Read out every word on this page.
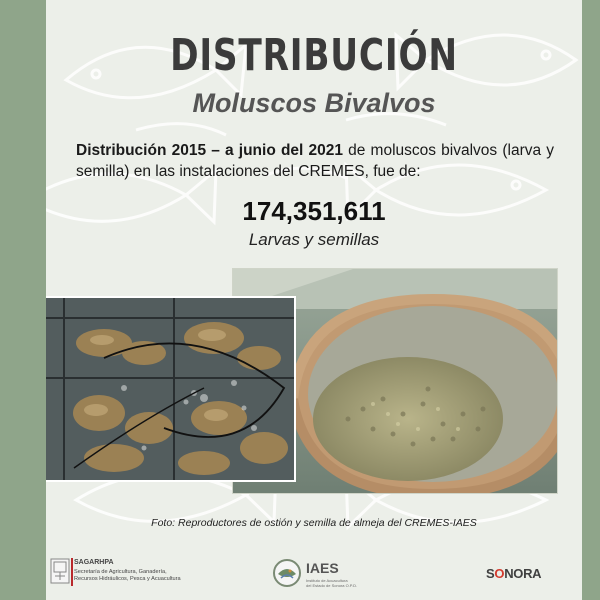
DISTRIBUCIÓN
Moluscos Bivalvos

Distribución 2015 – a junio del 2021 de moluscos bivalvos (larva y semilla) en las instalaciones del CREMES, fue de:

174,351,611
Larvas y semillas
Foto: Reproductores de ostión y semilla de almeja del CREMES-IAES
SAGARHPA
Secretaría de Agricultura, Ganadería,
Recursos Hidráulicos, Pesca y Acuacultura
IAES
Instituto de Acuacultura
del Estado de Sonora O.P.D.
SONORA
